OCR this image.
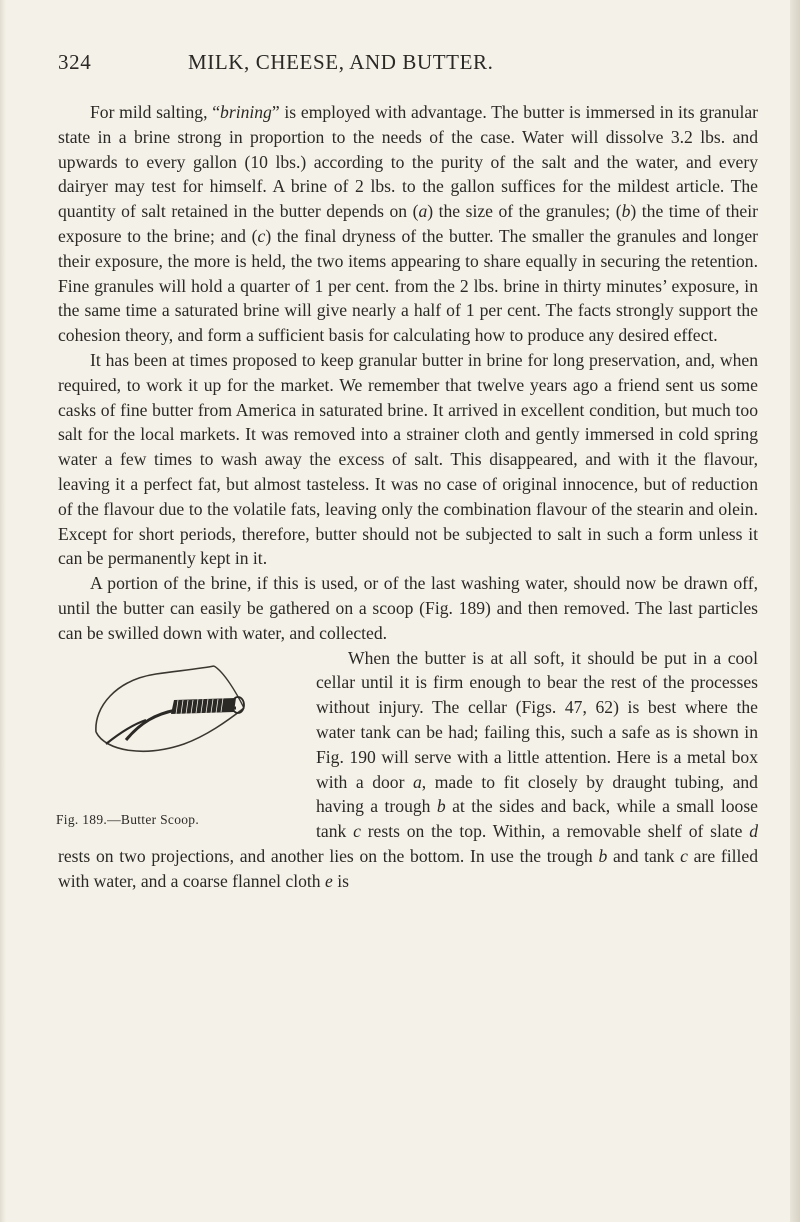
324	MILK, CHEESE, AND BUTTER.

For mild salting, “brining” is employed with advantage. The butter is immersed in its granular state in a brine strong in proportion to the needs of the case. Water will dissolve 3.2 lbs. and upwards to every gallon (10 lbs.) according to the purity of the salt and the water, and every dairyer may test for himself. A brine of 2 lbs. to the gallon suffices for the mildest article. The quantity of salt retained in the butter depends on (a) the size of the granules; (b) the time of their exposure to the brine; and (c) the final dryness of the butter. The smaller the granules and longer their exposure, the more is held, the two items appearing to share equally in securing the retention. Fine granules will hold a quarter of 1 per cent. from the 2 lbs. brine in thirty minutes’ exposure, in the same time a saturated brine will give nearly a half of 1 per cent. The facts strongly support the cohesion theory, and form a sufficient basis for calculating how to produce any desired effect.

It has been at times proposed to keep granular butter in brine for long preservation, and, when required, to work it up for the market. We remember that twelve years ago a friend sent us some casks of fine butter from America in saturated brine. It arrived in excellent condition, but much too salt for the local markets. It was removed into a strainer cloth and gently immersed in cold spring water a few times to wash away the excess of salt. This disappeared, and with it the flavour, leaving it a perfect fat, but almost tasteless. It was no case of original innocence, but of reduction of the flavour due to the volatile fats, leaving only the combination flavour of the stearin and olein. Except for short periods, therefore, butter should not be subjected to salt in such a form unless it can be permanently kept in it.

A portion of the brine, if this is used, or of the last washing water, should now be drawn off, until the butter can easily be gathered on a scoop (Fig. 189) and then removed. The last particles can be swilled down with water, and collected.

Fig. 189.—Butter Scoop.

When the butter is at all soft, it should be put in a cool cellar until it is firm enough to bear the rest of the processes without injury. The cellar (Figs. 47, 62) is best where the water tank can be had; failing this, such a safe as is shown in Fig. 190 will serve with a little attention. Here is a metal box with a door a, made to fit closely by draught tubing, and having a trough b at the sides and back, while a small loose tank c rests on the top. Within, a removable shelf of slate d rests on two projections, and another lies on the bottom. In use the trough b and tank c are filled with water, and a coarse flannel cloth e is
